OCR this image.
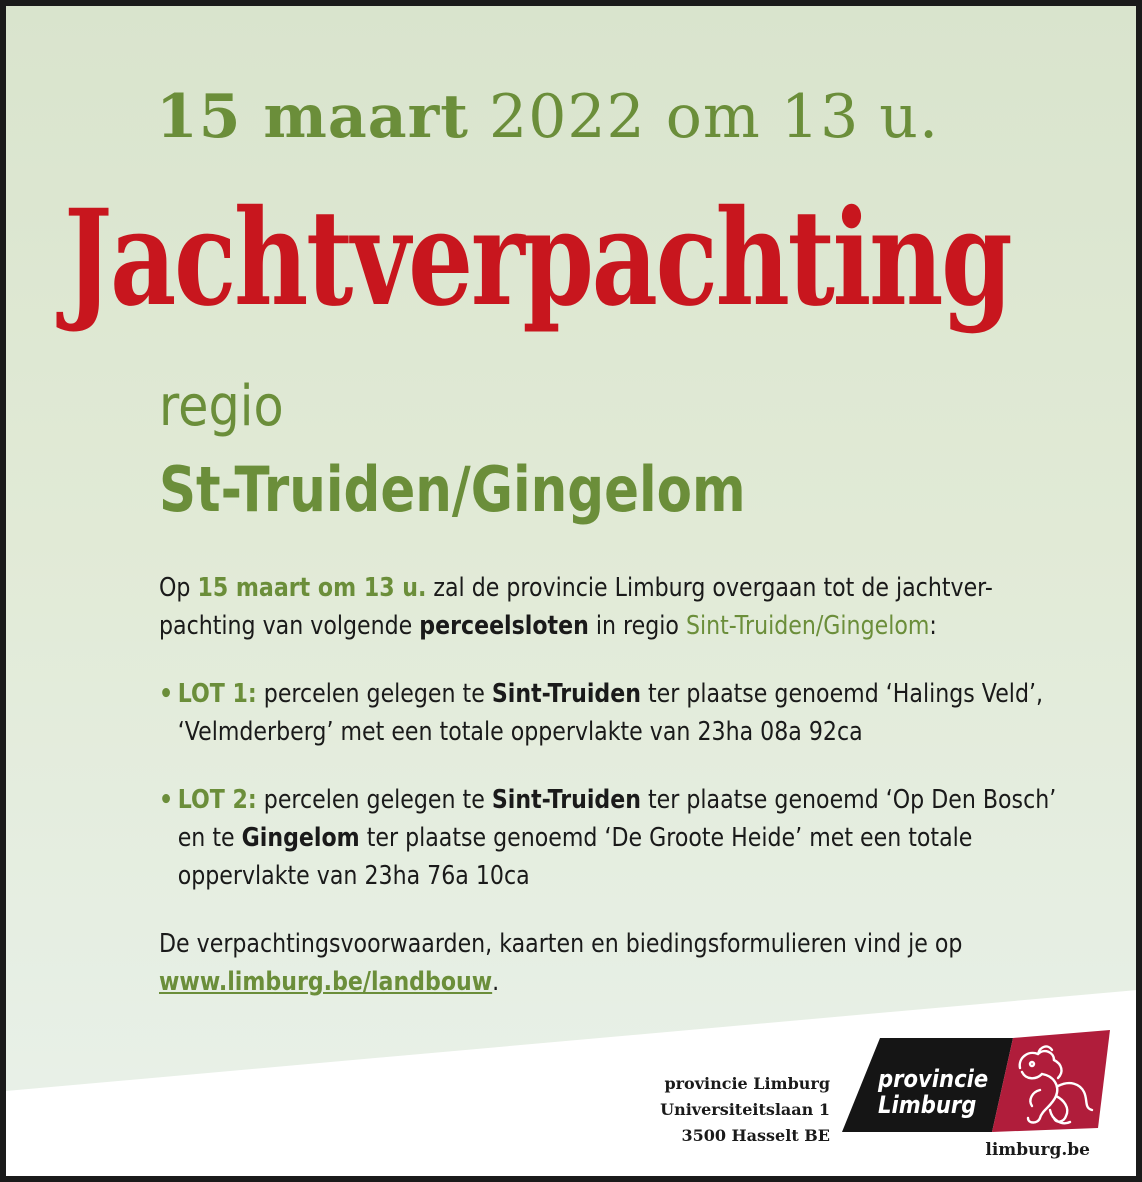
15 maart 2022 om 13 u.
Jachtverpachting
regio
St-Truiden/Gingelom

Op 15 maart om 13 u. zal de provincie Limburg overgaan tot de jachtver-pachting van volgende perceelsloten in regio Sint-Truiden/Gingelom:

• LOT 1: percelen gelegen te Sint-Truiden ter plaatse genoemd ‘Halings Veld’, ‘Velmderberg’ met een totale oppervlakte van 23ha 08a 92ca

• LOT 2: percelen gelegen te Sint-Truiden ter plaatse genoemd ‘Op Den Bosch’ en te Gingelom ter plaatse genoemd ‘De Groote Heide’ met een totale oppervlakte van 23ha 76a 10ca

De verpachtingsvoorwaarden, kaarten en biedingsformulieren vind je op www.limburg.be/landbouw.

provincie Limburg
Universiteitslaan 1
3500 Hasselt BE
provincie
Limburg
limburg.be
